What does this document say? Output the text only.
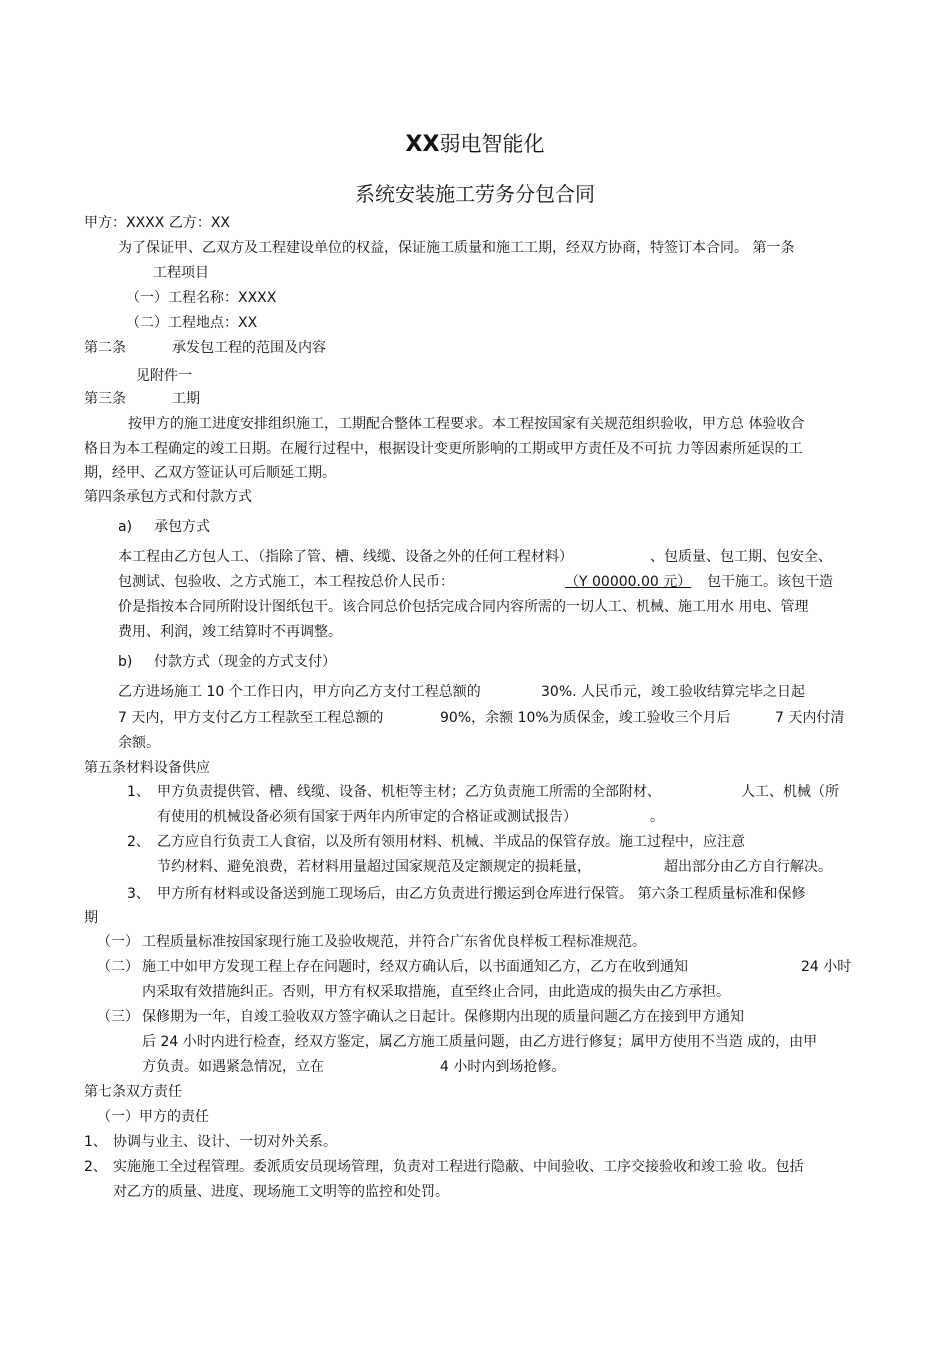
XX弱电智能化
系统安装施工劳务分包合同
甲方：XXXX 乙方：XX
为了保证甲、乙双方及工程建设单位的权益，保证施工质量和施工工期，经双方协商，特签订本合同。 第一条
工程项目
（一）工程名称：XXXX
（二）工程地点：XX
第二条	承发包工程的范围及内容
见附件一
第三条	工期
按甲方的施工进度安排组织施工，工期配合整体工程要求。本工程按国家有关规范组织验收，甲方总 体验收合
格日为本工程确定的竣工日期。在履行过程中，根据设计变更所影响的工期或甲方责任及不可抗 力等因素所延误的工
期，经甲、乙双方签证认可后顺延工期。
第四条承包方式和付款方式
a) 承包方式
本工程由乙方包人工、（指除了管、槽、线缆、设备之外的任何工程材料）	、包质量、包工期、包安全、
包测试、包验收、之方式施工，本工程按总价人民币：	（Y 00000.00 元） 包干施工。该包干造
价是指按本合同所附设计图纸包干。该合同总价包括完成合同内容所需的一切人工、机械、施工用水 用电、管理
费用、利润，竣工结算时不再调整。
b) 付款方式（现金的方式支付）
乙方进场施工 10 个工作日内，甲方向乙方支付工程总额的	30%. 人民币元，竣工验收结算完毕之日起
7 天内，甲方支付乙方工程款至工程总额的	90%，余额 10%为质保金，竣工验收三个月后	7 天内付清
余额。
第五条材料设备供应
1、 甲方负责提供管、槽、线缆、设备、机柜等主材；乙方负责施工所需的全部附材、	人工、机械（所
有使用的机械设备必须有国家于两年内所审定的合格证或测试报告）	。
2、 乙方应自行负责工人食宿，以及所有领用材料、机械、半成品的保管存放。施工过程中，应注意
节约材料、避免浪费，若材料用量超过国家规范及定额规定的损耗量，	超出部分由乙方自行解决。
3、 甲方所有材料或设备送到施工现场后，由乙方负责进行搬运到仓库进行保管。 第六条工程质量标准和保修
期
（一） 工程质量标准按国家现行施工及验收规范，并符合广东省优良样板工程标准规范。
（二） 施工中如甲方发现工程上存在问题时，经双方确认后，以书面通知乙方，乙方在收到通知	24 小时
内采取有效措施纠正。否则，甲方有权采取措施，直至终止合同，由此造成的损失由乙方承担。
（三） 保修期为一年，自竣工验收双方签字确认之日起计。保修期内出现的质量问题乙方在接到甲方通知
后 24 小时内进行检查，经双方鉴定，属乙方施工质量问题，由乙方进行修复；属甲方使用不当造 成的，由甲
方负责。如遇紧急情况，立在	4 小时内到场抢修。
第七条双方责任
（一）甲方的责任
1、 协调与业主、设计、一切对外关系。
2、 实施施工全过程管理。委派质安员现场管理，负责对工程进行隐蔽、中间验收、工序交接验收和竣工验 收。包括
对乙方的质量、进度、现场施工文明等的监控和处罚。
